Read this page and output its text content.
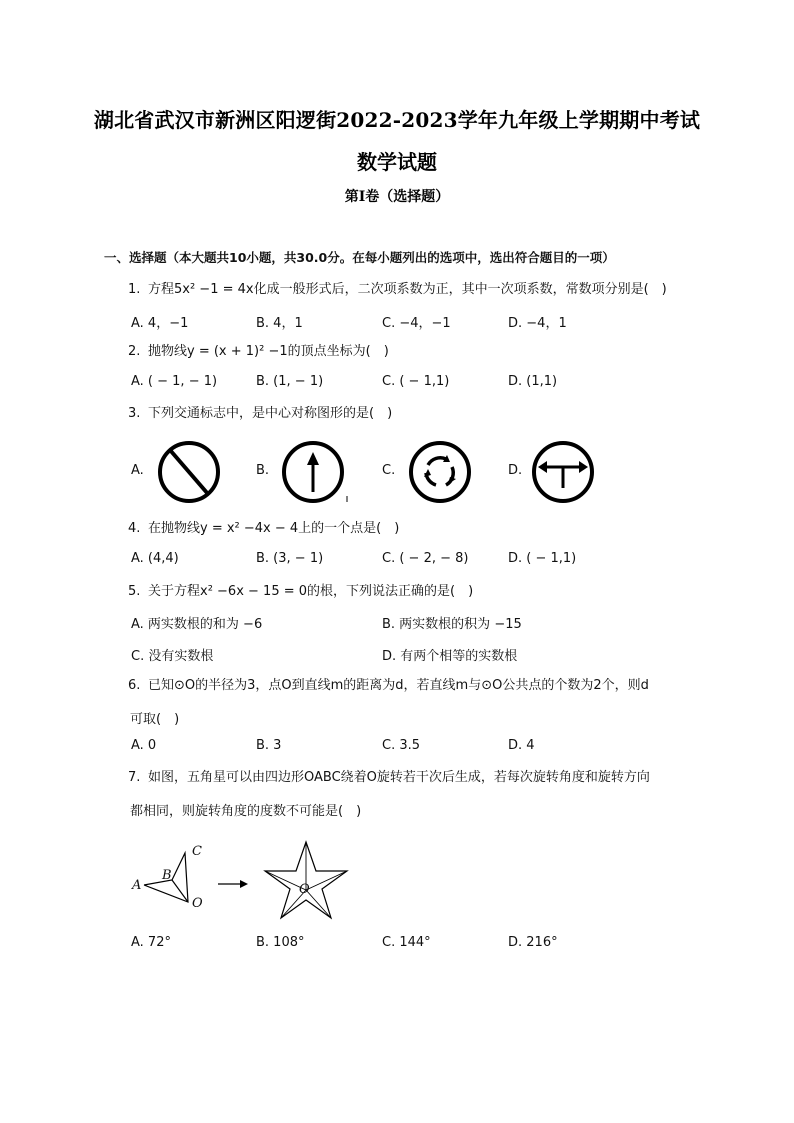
湖北省武汉市新洲区阳逻街2022-2023学年九年级上学期期中考试
数学试题
第Ⅰ卷（选择题）
一、选择题（本大题共10小题，共30.0分。在每小题列出的选项中，选出符合题目的一项）
1. 方程5x² −1 = 4x化成一般形式后，二次项系数为正，其中一次项系数，常数项分别是(　)
A. 4，−1	B. 4，1	C. −4，−1	D. −4，1
2. 抛物线y = (x + 1)² −1的顶点坐标为(　)
A. ( − 1, − 1)	B. (1, − 1)	C. ( − 1,1)	D. (1,1)
3. 下列交通标志中，是中心对称图形的是(　)
A.	B.	C.	D.
4. 在抛物线y = x² −4x − 4上的一个点是(　)
A. (4,4)	B. (3, − 1)	C. ( − 2, − 8)	D. ( − 1,1)
5. 关于方程x² −6x − 15 = 0的根，下列说法正确的是(　)
A. 两实数根的和为 −6	B. 两实数根的积为 −15
C. 没有实数根	D. 有两个相等的实数根
6. 已知⊙O的半径为3，点O到直线m的距离为d，若直线m与⊙O公共点的个数为2个，则d
可取(　)
A. 0	B. 3	C. 3.5	D. 4
7. 如图，五角星可以由四边形OABC绕着O旋转若干次后生成，若每次旋转角度和旋转方向
都相同，则旋转角度的度数不可能是(　)
A
B
C
O
O
A. 72°	B. 108°	C. 144°	D. 216°
